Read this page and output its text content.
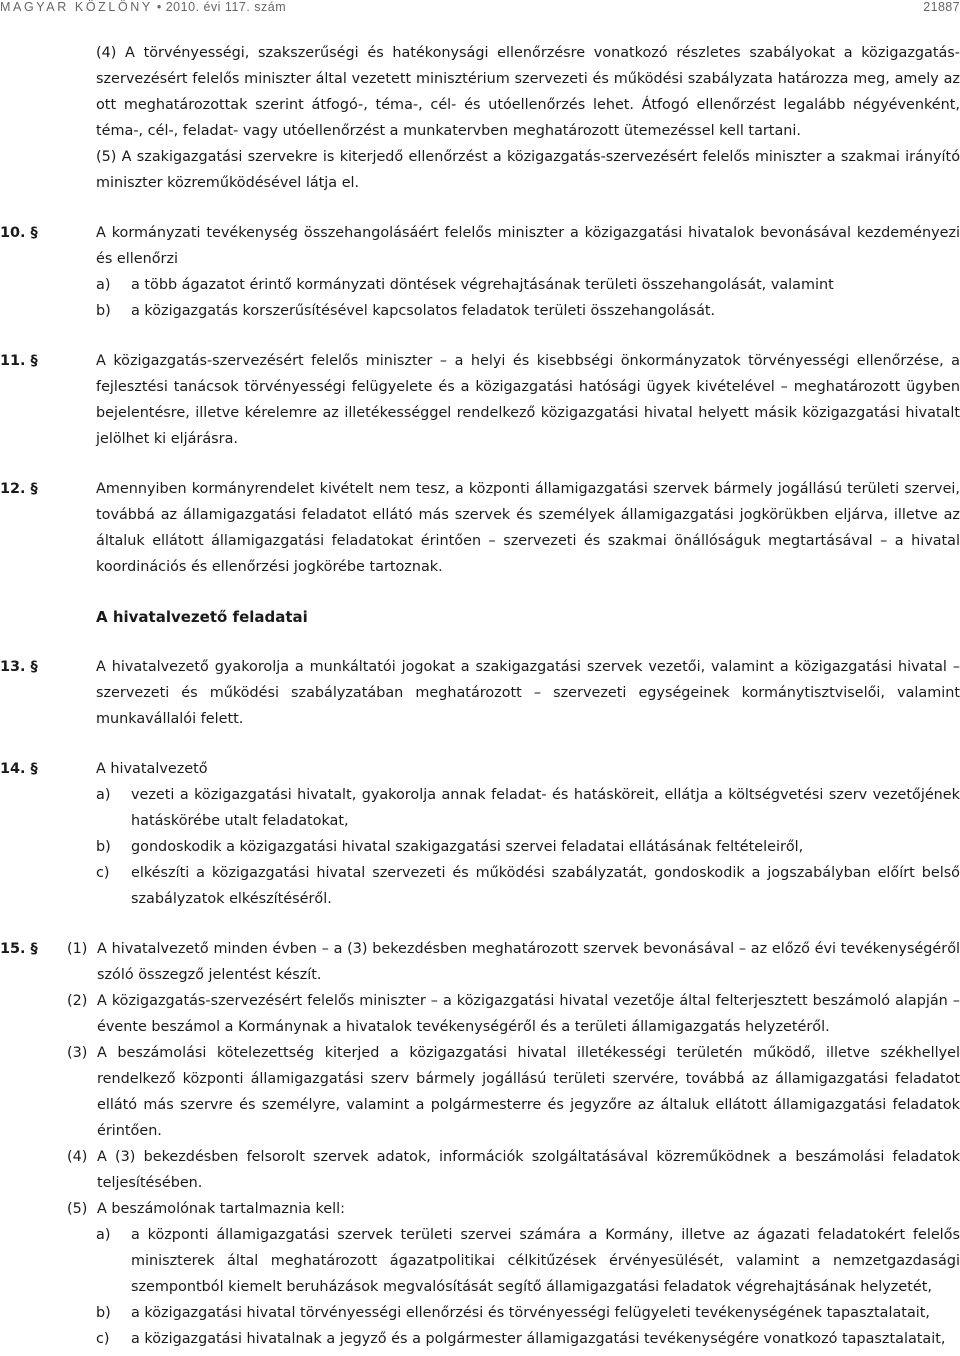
MAGYAR KÖZLÖNY • 2010. évi 117. szám	21887

(4) A törvényességi, szakszerűségi és hatékonysági ellenőrzésre vonatkozó részletes szabályokat a közigazgatás-szervezésért felelős miniszter által vezetett minisztérium szervezeti és működési szabályzata határozza meg, amely az ott meghatározottak szerint átfogó-, téma-, cél- és utóellenőrzés lehet. Átfogó ellenőrzést legalább négyévenként, téma-, cél-, feladat- vagy utóellenőrzést a munkatervben meghatározott ütemezéssel kell tartani.

(5) A szakigazgatási szervekre is kiterjedő ellenőrzést a közigazgatás-szervezésért felelős miniszter a szakmai irányító miniszter közreműködésével látja el.

10. §	A kormányzati tevékenység összehangolásáért felelős miniszter a közigazgatási hivatalok bevonásával kezdeményezi és ellenőrzi
a) a több ágazatot érintő kormányzati döntések végrehajtásának területi összehangolását, valamint
b) a közigazgatás korszerűsítésével kapcsolatos feladatok területi összehangolását.
11. §	A közigazgatás-szervezésért felelős miniszter – a helyi és kisebbségi önkormányzatok törvényességi ellenőrzése, a fejlesztési tanácsok törvényességi felügyelete és a közigazgatási hatósági ügyek kivételével – meghatározott ügyben bejelentésre, illetve kérelemre az illetékességgel rendelkező közigazgatási hivatal helyett másik közigazgatási hivatalt jelölhet ki eljárásra.
12. §	Amennyiben kormányrendelet kivételt nem tesz, a központi államigazgatási szervek bármely jogállású területi szervei, továbbá az államigazgatási feladatot ellátó más szervek és személyek államigazgatási jogkörükben eljárva, illetve az általuk ellátott államigazgatási feladatokat érintően – szervezeti és szakmai önállóságuk megtartásával – a hivatal koordinációs és ellenőrzési jogkörébe tartoznak.
A hivatalvezető feladatai
13. §	A hivatalvezető gyakorolja a munkáltatói jogokat a szakigazgatási szervek vezetői, valamint a közigazgatási hivatal – szervezeti és működési szabályzatában meghatározott – szervezeti egységeinek kormánytisztviselői, valamint munkavállalói felett.
14. §	A hivatalvezető
a) vezeti a közigazgatási hivatalt, gyakorolja annak feladat- és hatásköreit, ellátja a költségvetési szerv vezetőjének hatáskörébe utalt feladatokat,
b) gondoskodik a közigazgatási hivatal szakigazgatási szervei feladatai ellátásának feltételeiről,
c) elkészíti a közigazgatási hivatal szervezeti és működési szabályzatát, gondoskodik a jogszabályban előírt belső szabályzatok elkészítéséről.
15. § (1) A hivatalvezető minden évben – a (3) bekezdésben meghatározott szervek bevonásával – az előző évi tevékenységéről szóló összegző jelentést készít.
(2) A közigazgatás-szervezésért felelős miniszter – a közigazgatási hivatal vezetője által felterjesztett beszámoló alapján – évente beszámol a Kormánynak a hivatalok tevékenységéről és a területi államigazgatás helyzetéről.
(3) A beszámolási kötelezettség kiterjed a közigazgatási hivatal illetékességi területén működő, illetve székhellyel rendelkező központi államigazgatási szerv bármely jogállású területi szervére, továbbá az államigazgatási feladatot ellátó más szervre és személyre, valamint a polgármesterre és jegyzőre az általuk ellátott államigazgatási feladatok érintően.
(4) A (3) bekezdésben felsorolt szervek adatok, információk szolgáltatásával közreműködnek a beszámolási feladatok teljesítésében.
(5) A beszámolónak tartalmaznia kell:
a) a központi államigazgatási szervek területi szervei számára a Kormány, illetve az ágazati feladatokért felelős miniszterek által meghatározott ágazatpolitikai célkitűzések érvényesülését, valamint a nemzetgazdasági szempontból kiemelt beruházások megvalósítását segítő államigazgatási feladatok végrehajtásának helyzetét,
b) a közigazgatási hivatal törvényességi ellenőrzési és törvényességi felügyeleti tevékenységének tapasztalatait,
c) a közigazgatási hivatalnak a jegyző és a polgármester államigazgatási tevékenységére vonatkozó tapasztalatait,
